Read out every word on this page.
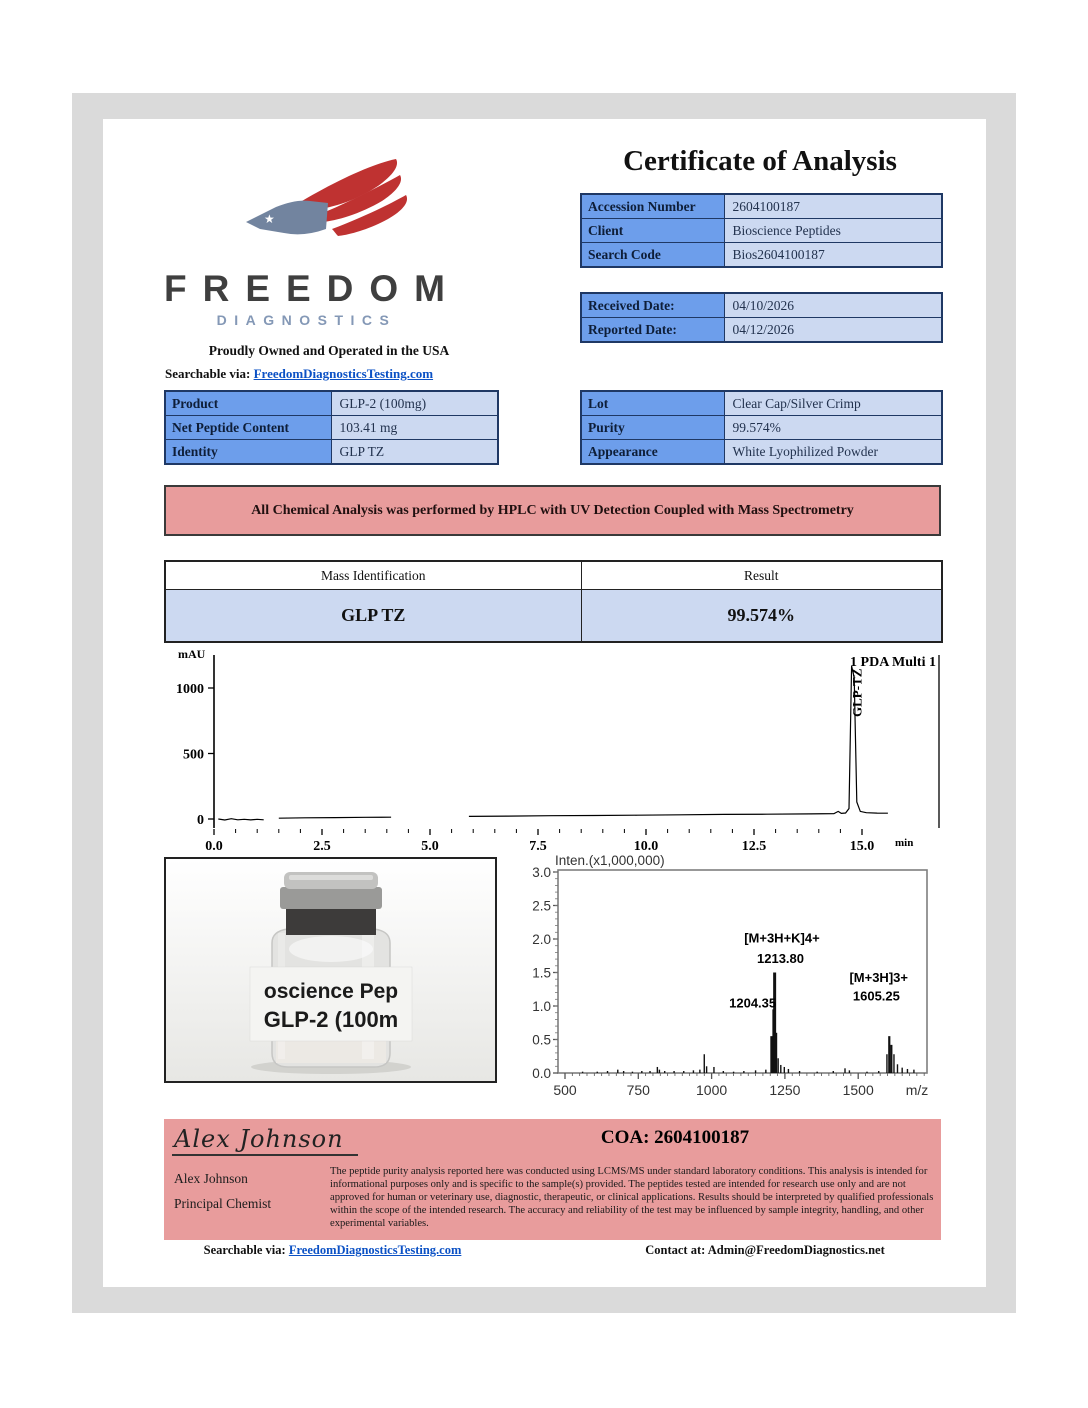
★
FREEDOM
DIAGNOSTICS
Proudly Owned and Operated in the USA
Searchable via: FreedomDiagnosticsTesting.com
Certificate of Analysis
Accession Number	2604100187
Client	Bioscience Peptides
Search Code	Bios2604100187
Received Date:	04/10/2026
Reported Date:	04/12/2026
Product	GLP-2 (100mg)
Net Peptide Content	103.41 mg
Identity	GLP TZ
Lot	Clear Cap/Silver Crimp
Purity	99.574%
Appearance	White Lyophilized Powder
All Chemical Analysis was performed by HPLC with UV Detection Coupled with Mass Spectrometry
Mass Identification	Result
GLP TZ	99.574%
mAU
0
500
1000
0.0	2.5	5.0	7.5	10.0	12.5	15.0 min
1 PDA Multi 1
GLP-TZ
oscience Pep
GLP-2 (100m
Inten.(x1,000,000)
0.0
0.5
1.0
1.5
2.0
2.5
3.0
500	750	1000	1250	1500 m/z
[M+3H+K]4+
1213.80
1204.35
[M+3H]3+
1605.25
Alex Johnson
Alex Johnson
Principal Chemist
COA: 2604100187
The peptide purity analysis reported here was conducted using LCMS/MS under standard laboratory conditions. This analysis is intended for informational purposes only and is specific to the sample(s) provided. The peptides tested are intended for research use only and are not approved for human or veterinary use, diagnostic, therapeutic, or clinical applications. Results should be interpreted by qualified professionals within the scope of the intended research. The accuracy and reliability of the test may be influenced by sample integrity, handling, and other experimental variables.
Searchable via: FreedomDiagnosticsTesting.com	Contact at: Admin@FreedomDiagnostics.net
